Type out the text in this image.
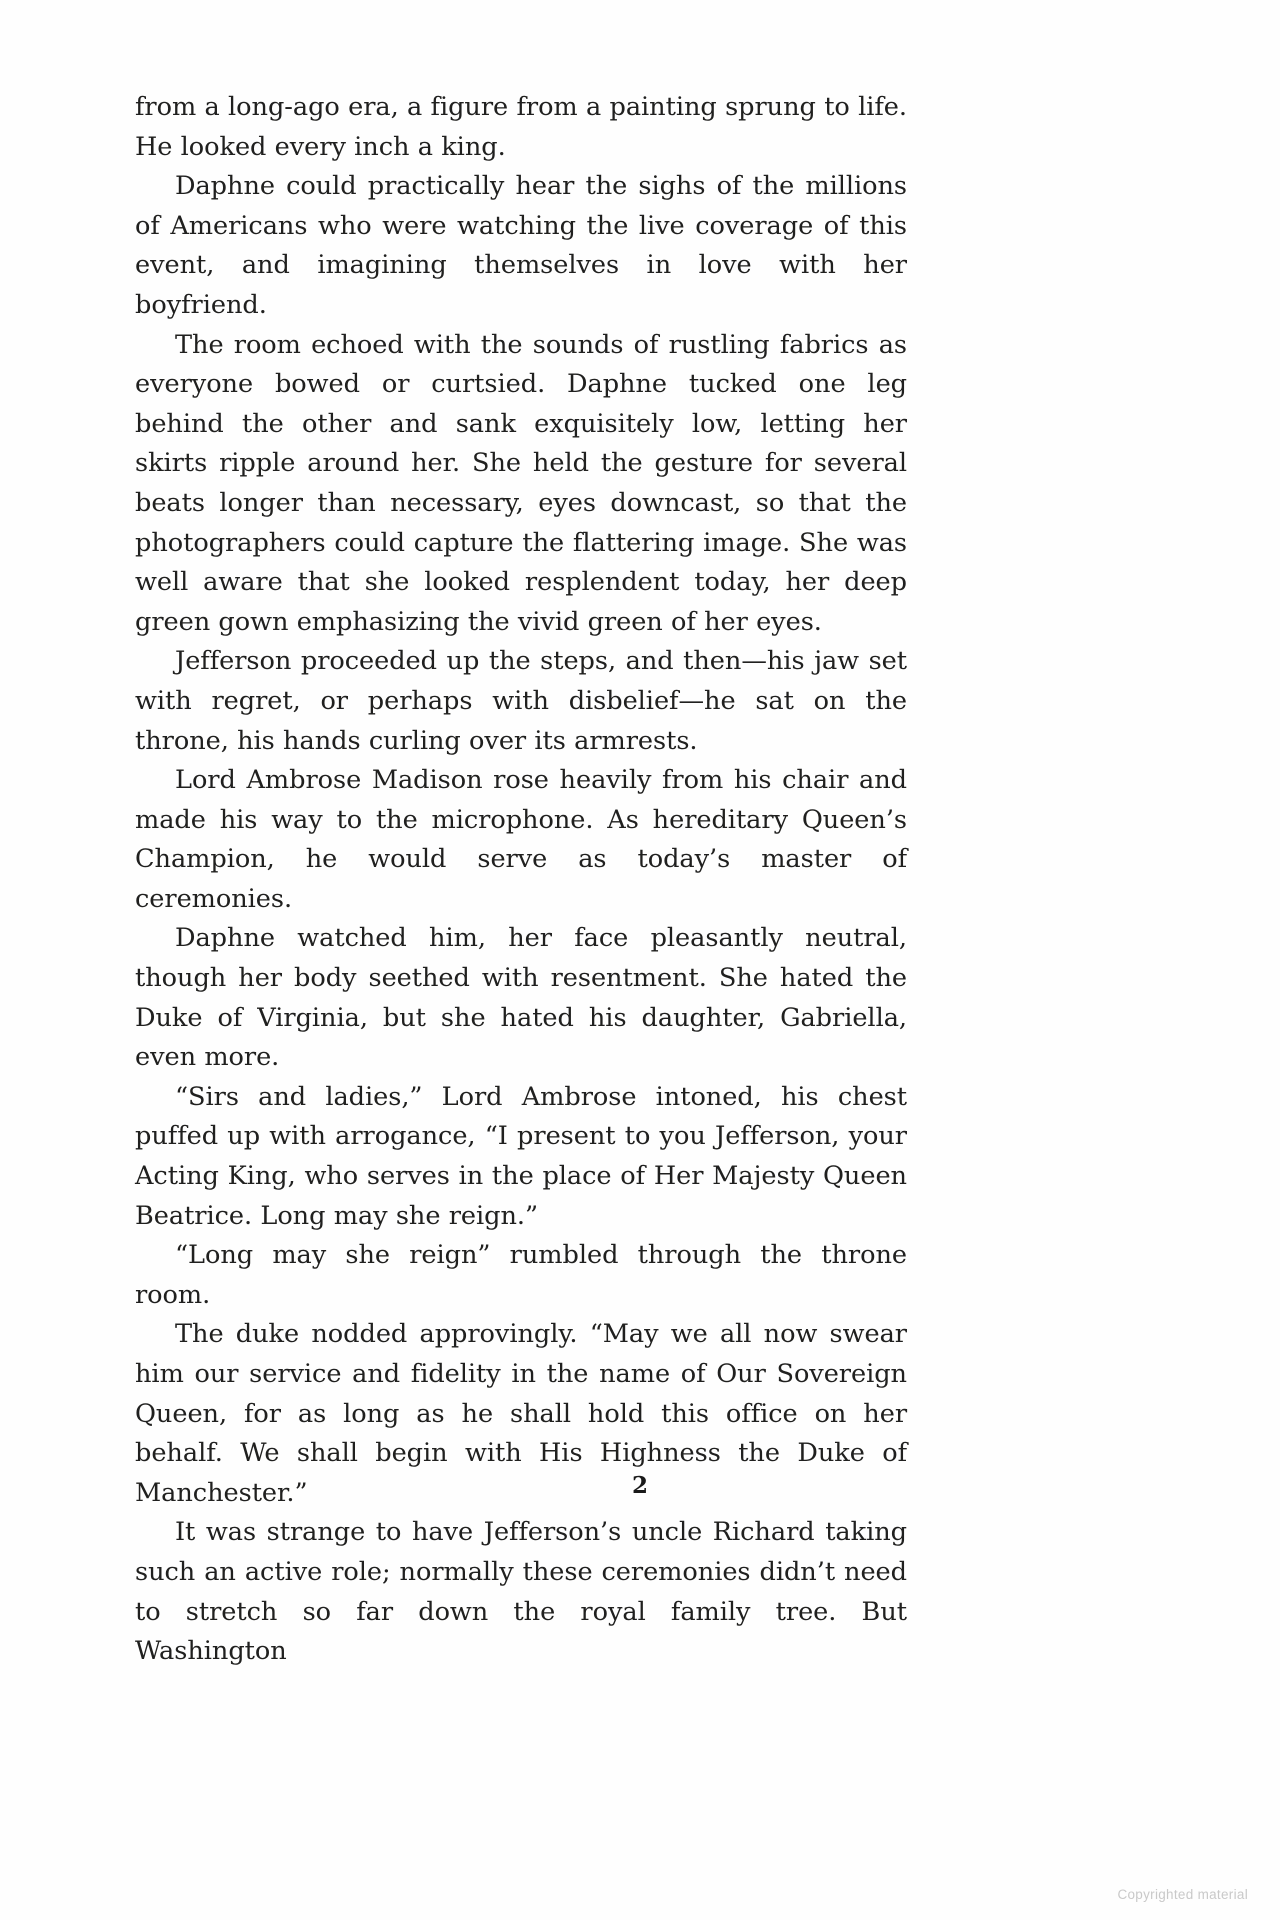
from a long-ago era, a figure from a painting sprung to life. He looked every inch a king.

Daphne could practically hear the sighs of the millions of Americans who were watching the live coverage of this event, and imagining themselves in love with her boyfriend.

The room echoed with the sounds of rustling fabrics as everyone bowed or curtsied. Daphne tucked one leg behind the other and sank exquisitely low, letting her skirts ripple around her. She held the gesture for several beats longer than necessary, eyes downcast, so that the photographers could capture the flattering image. She was well aware that she looked resplendent today, her deep green gown emphasizing the vivid green of her eyes.

Jefferson proceeded up the steps, and then—his jaw set with regret, or perhaps with disbelief—he sat on the throne, his hands curling over its armrests.

Lord Ambrose Madison rose heavily from his chair and made his way to the microphone. As hereditary Queen’s Champion, he would serve as today’s master of ceremonies.

Daphne watched him, her face pleasantly neutral, though her body seethed with resentment. She hated the Duke of Virginia, but she hated his daughter, Gabriella, even more.

“Sirs and ladies,” Lord Ambrose intoned, his chest puffed up with arrogance, “I present to you Jefferson, your Acting King, who serves in the place of Her Majesty Queen Beatrice. Long may she reign.”

“Long may she reign” rumbled through the throne room.

The duke nodded approvingly. “May we all now swear him our service and fidelity in the name of Our Sovereign Queen, for as long as he shall hold this office on her behalf. We shall begin with His Highness the Duke of Manchester.”

It was strange to have Jefferson’s uncle Richard taking such an active role; normally these ceremonies didn’t need to stretch so far down the royal family tree. But Washington

2
Copyrighted material
